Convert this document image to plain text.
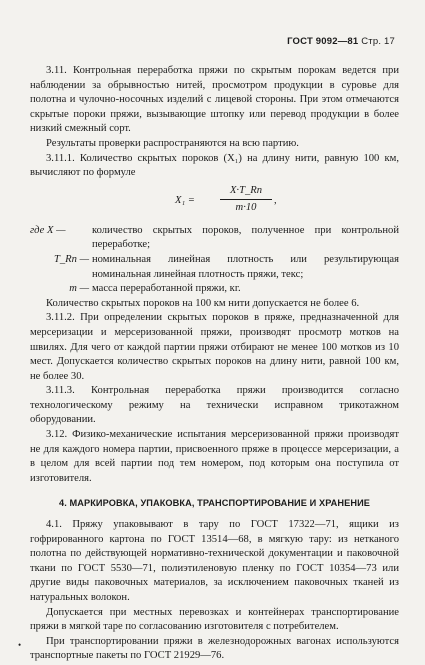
ГОСТ 9092—81 Стр. 17

3.11. Контрольная переработка пряжи по скрытым порокам ведется при наблюдении за обрывностью нитей, просмотром продукции в суровье для полотна и чулочно-носочных изделий с лицевой стороны. При этом отмечаются скрытые пороки пряжи, вызывающие штопку или перевод продукции в более низкий смежный сорт.

Результаты проверки распространяются на всю партию.

3.11.1. Количество скрытых пороков (X₁) на длину нити, равную 100 км, вычисляют по формуле

$X_1 = \frac{X\cdot T\_Rn}{m\cdot 10}$ ,
где X —	количество скрытых пороков, полученное при контрольной переработке;
T_Rn — номинальная линейная плотность или результирующая номинальная линейная плотность пряжи, текс;
m — масса переработанной пряжи, кг.

Количество скрытых пороков на 100 км нити допускается не более 6.

3.11.2. При определении скрытых пороков в пряже, предназначенной для мерсеризации и мерсеризованной пряжи, производят просмотр мотков на швилях. Для чего от каждой партии пряжи отбирают не менее 100 мотков из 10 мест. Допускается количество скрытых пороков на длину нити, равной 100 км, не более 30.

3.11.3. Контрольная переработка пряжи производится согласно технологическому режиму на технически исправном трикотажном оборудовании.

3.12. Физико-механические испытания мерсеризованной пряжи производят не для каждого номера партии, присвоенного пряже в процессе мерсеризации, а в целом для всей партии под тем номером, под которым она поступила от изготовителя.

4. МАРКИРОВКА, УПАКОВКА, ТРАНСПОРТИРОВАНИЕ И ХРАНЕНИЕ

4.1. Пряжу упаковывают в тару по ГОСТ 17322—71, ящики из гофрированного картона по ГОСТ 13514—68, в мягкую тару: из нетканого полотна по действующей нормативно-технической документации и паковочной ткани по ГОСТ 5530—71, полиэтиленовую пленку по ГОСТ 10354—73 или другие виды паковочных материалов, за исключением паковочных тканей из натуральных волокон.

Допускается при местных перевозках и контейнерах транспортирование пряжи в мягкой таре по согласованию изготовителя с потребителем.

При транспортировании пряжи в железнодорожных вагонах используются транспортные пакеты по ГОСТ 21929—76.

•
